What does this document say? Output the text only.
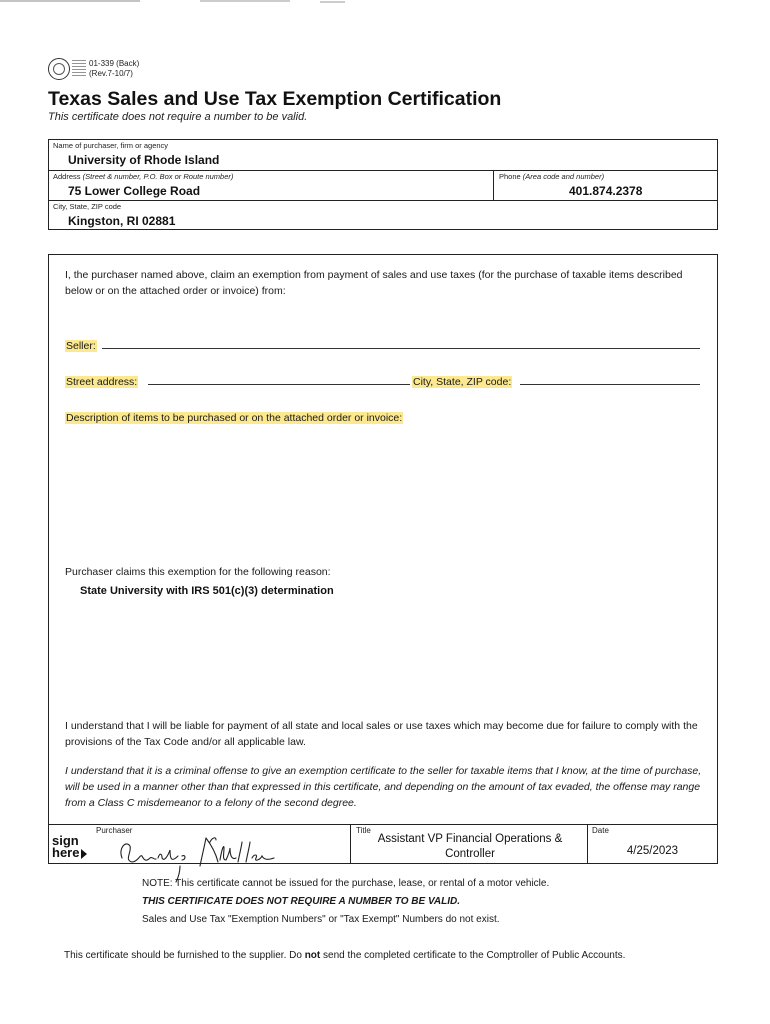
01-339 (Back)
(Rev.7-10/7)
Texas Sales and Use Tax Exemption Certification
This certificate does not require a number to be valid.
Name of purchaser, firm or agency
University of Rhode Island
Address (Street & number, P.O. Box or Route number)
75 Lower College Road
Phone (Area code and number)
401.874.2378
City, State, ZIP code
Kingston, RI 02881
I, the purchaser named above, claim an exemption from payment of sales and use taxes (for the purchase of taxable items described below or on the attached order or invoice) from:
Seller:
Street address:	City, State, ZIP code:
Description of items to be purchased or on the attached order or invoice:
Purchaser claims this exemption for the following reason:
State University with IRS 501(c)(3) determination
I understand that I will be liable for payment of all state and local sales or use taxes which may become due for failure to comply with the provisions of the Tax Code and/or all applicable law.
I understand that it is a criminal offense to give an exemption certificate to the seller for taxable items that I know, at the time of purchase, will be used in a manner other than that expressed in this certificate, and depending on the amount of tax evaded, the offense may range from a Class C misdemeanor to a felony of the second degree.
sign
here
Purchaser	Title
Assistant VP Financial Operations &
Controller
Date
4/25/2023
NOTE: This certificate cannot be issued for the purchase, lease, or rental of a motor vehicle.
THIS CERTIFICATE DOES NOT REQUIRE A NUMBER TO BE VALID.
Sales and Use Tax "Exemption Numbers" or "Tax Exempt" Numbers do not exist.
This certificate should be furnished to the supplier. Do not send the completed certificate to the Comptroller of Public Accounts.
